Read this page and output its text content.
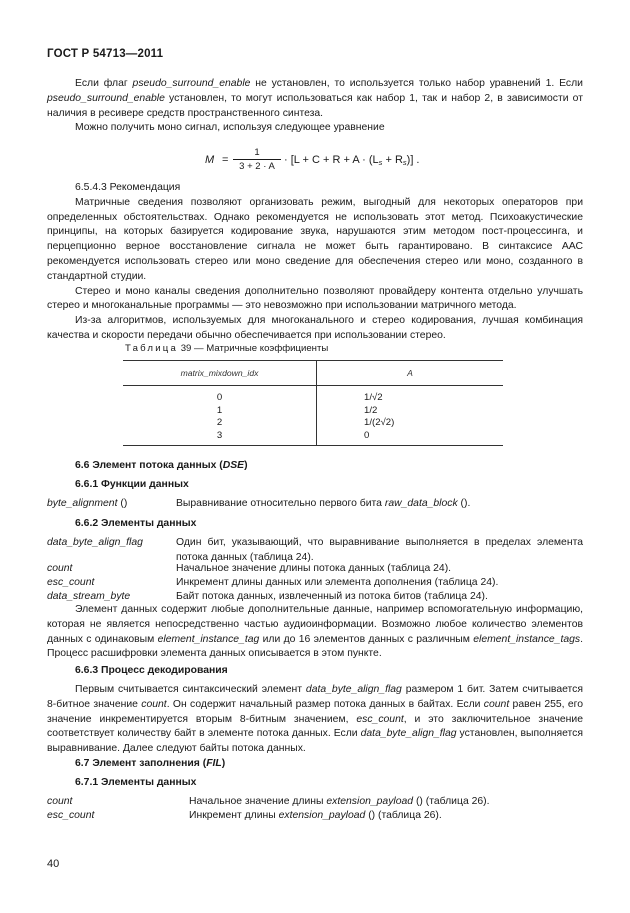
ГОСТ Р 54713—2011

Если флаг pseudo_surround_enable не установлен, то используется только набор уравнений 1. Если pseudo_surround_enable установлен, то могут использоваться как набор 1, так и набор 2, в зависимости от наличия в ресивере средств пространственного синтеза.

Можно получить моно сигнал, используя следующее уравнение

M =
1
3 + 2 · A
· $[L + C + R + A \cdot (L_s + R_s)]$ .

6.5.4.3 Рекомендация

Матричные сведения позволяют организовать режим, выгодный для некоторых операторов при определенных обстоятельствах. Однако рекомендуется не использовать этот метод. Психоакустические принципы, на которых базируется кодирование звука, нарушаются этим методом пост-процессинга, и перцепционно верное восстановление сигнала не может быть гарантировано. В синтаксисе ААС рекомендуется использовать стерео или моно сведение для обеспечения стерео или моно, созданного в стандартной студии.

Стерео и моно каналы сведения дополнительно позволяют провайдеру контента отдельно улучшать стерео и многоканальные программы — это невозможно при использовании матричного метода.

Из-за алгоритмов, используемых для многоканального и стерео кодирования, лучшая комбинация качества и скорости передачи обычно обеспечивается при использовании стерео.

Таблица 39 — Матричные коэффициенты
matrix_mixdown_idx	A
0	1/√2
1	1/2
2	1/(2√2)
3	0
6.6 Элемент потока данных (DSE)
6.6.1 Функции данных
byte_alignment ()	Выравнивание относительно первого бита raw_data_block ().
6.6.2 Элементы данных
data_byte_align_flag	Один бит, указывающий, что выравнивание выполняется в пределах элемента потока данных (таблица 24).
count	Начальное значение длины потока данных (таблица 24).
esc_count	Инкремент длины данных или элемента дополнения (таблица 24).
data_stream_byte	Байт потока данных, извлеченный из потока битов (таблица 24).

Элемент данных содержит любые дополнительные данные, например вспомогательную информацию, которая не является непосредственно частью аудиоинформации. Возможно любое количество элементов данных с одинаковым element_instance_tag или до 16 элементов данных с различным element_instance_tags. Процесс расшифровки элемента данных описывается в этом пункте.

6.6.3 Процесс декодирования

Первым считывается синтаксический элемент data_byte_align_flag размером 1 бит. Затем считывается 8-битное значение count. Он содержит начальный размер потока данных в байтах. Если count равен 255, его значение инкрементируется вторым 8-битным значением, esc_count, и это заключительное значение соответствует количеству байт в элементе потока данных. Если data_byte_align_flag установлен, выполняется выравнивание. Далее следуют байты потока данных.

6.7 Элемент заполнения (FIL)
6.7.1 Элементы данных
count	Начальное значение длины extension_payload () (таблица 26).
esc_count	Инкремент длины extension_payload () (таблица 26).
40
